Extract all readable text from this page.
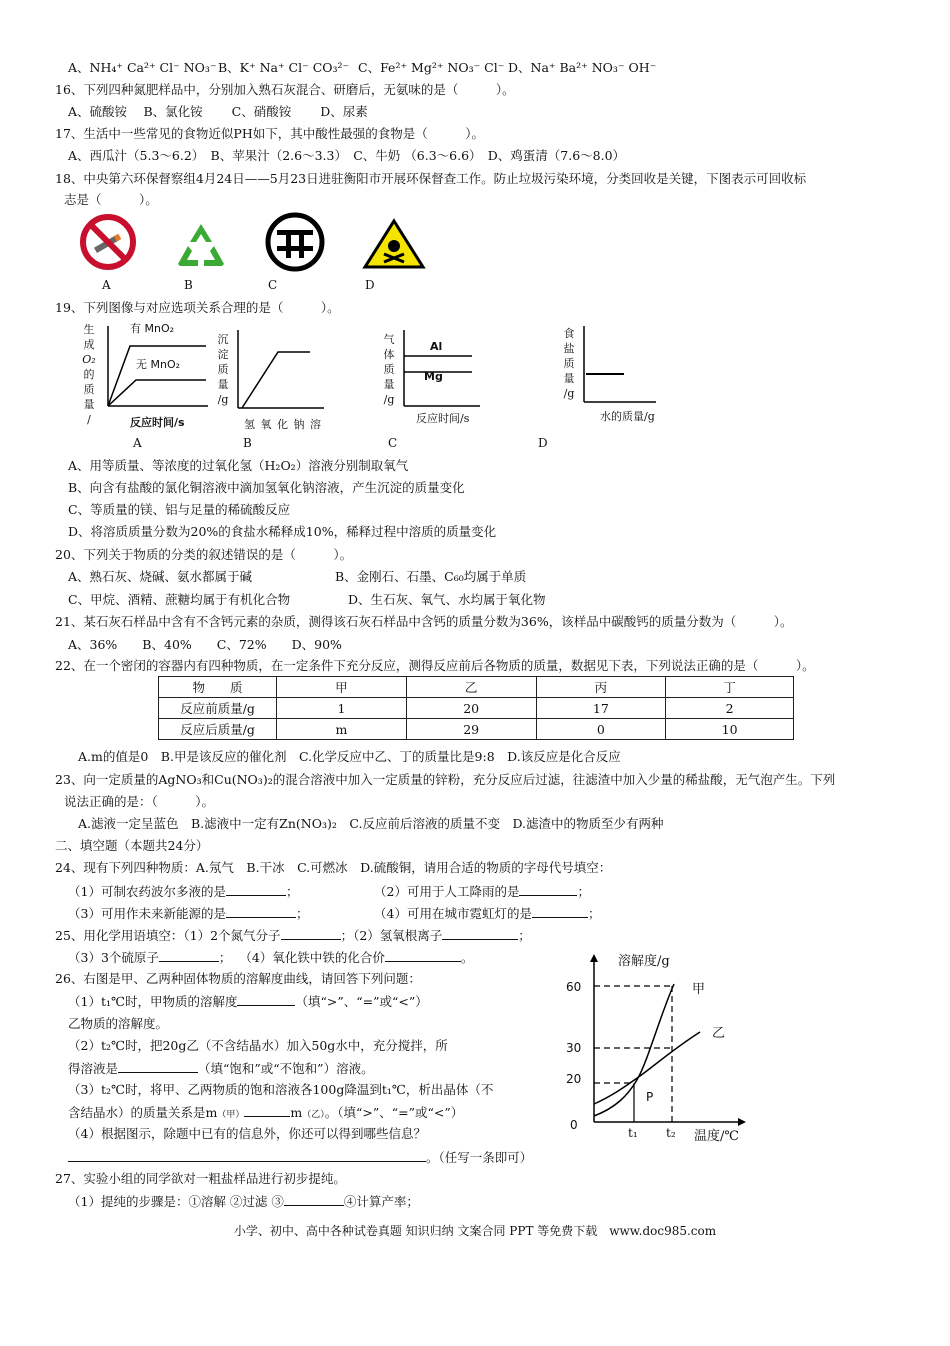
A、NH₄⁺ Ca²⁺ Cl⁻ NO₃⁻ B、K⁺ Na⁺ Cl⁻ CO₃²⁻ C、Fe²⁺ Mg²⁺ NO₃⁻ Cl⁻ D、Na⁺ Ba²⁺ NO₃⁻ OH⁻
16、下列四种氮肥样品中，分别加入熟石灰混合、研磨后，无氨味的是（　　　）。
A、硫酸铵　 B、氯化铵　　 C、硝酸铵　　 D、尿素
17、生活中一些常见的食物近似PH如下，其中酸性最强的食物是（　　　）。
A、西瓜汁（5.3～6.2）　B、苹果汁（2.6～3.3）　C、牛奶 （6.3～6.6）　D、鸡蛋清（7.6～8.0）
18、中央第六环保督察组4月24日——5月23日进驻衡阳市开展环保督查工作。防止垃圾污染环境，分类回收是关键，下图表示可回收标
志是（　　　）。
A	B	C	D
19、下列图像与对应选项关系合理的是（　　　）。
生
成
O₂
的
质
量
/
有 MnO₂
无 MnO₂
反应时间/s
沉
淀
质
量
/g
氢 氧 化 钠 溶
气
体
质
量
/g
Al
Mg
反应时间/s
食
盐
质
量
/g
水的质量/g
A	B	C	D
A、用等质量、等浓度的过氧化氢（H₂O₂）溶液分别制取氧气
B、向含有盐酸的氯化铜溶液中滴加氢氧化钠溶液，产生沉淀的质量变化
C、等质量的镁、铝与足量的稀硫酸反应
D、将溶质质量分数为20%的食盐水稀释成10%，稀释过程中溶质的质量变化
20、下列关于物质的分类的叙述错误的是（　　　）。
A、熟石灰、烧碱、氨水都属于碱	B、金刚石、石墨、C₆₀均属于单质
C、甲烷、酒精、蔗糖均属于有机化合物	D、生石灰、氧气、水均属于氧化物
21、某石灰石样品中含有不含钙元素的杂质，测得该石灰石样品中含钙的质量分数为36%，该样品中碳酸钙的质量分数为（　　　）。
A、36%　　B、40%　　C、72%　　D、90%
22、在一个密闭的容器内有四种物质，在一定条件下充分反应，测得反应前后各物质的质量，数据见下表，下列说法正确的是（　　　）。
物　　质	甲	乙	丙	丁
反应前质量/g	1	20	17	2
反应后质量/g	m	29	0	10
A.m的值是0　B.甲是该反应的催化剂　C.化学反应中乙、丁的质量比是9:8　D.该反应是化合反应
23、向一定质量的AgNO₃和Cu(NO₃)₂的混合溶液中加入一定质量的锌粉，充分反应后过滤，往滤渣中加入少量的稀盐酸，无气泡产生。下列
说法正确的是：（　　　）。
A.滤液一定呈蓝色　B.滤液中一定有Zn(NO₃)₂　C.反应前后溶液的质量不变　D.滤渣中的物质至少有两种
二、填空题（本题共24分）
24、现有下列四种物质：A.氖气　B.干冰　C.可燃冰　D.硫酸铜，请用合适的物质的字母代号填空：
（1）可制农药波尔多液的是	；	（2）可用于人工降雨的是	；
（3）可用作未来新能源的是	；	（4）可用在城市霓虹灯的是	；
25、用化学用语填空：（1）2个氮气分子	；（2）氢氧根离子	；
（3）3个硫原子	； （4）氧化铁中铁的化合价	。
26、右图是甲、乙两种固体物质的溶解度曲线，请回答下列问题：
（1）t₁℃时，甲物质的溶解度	（填“>”、“=”或“<”）
乙物质的溶解度。
（2）t₂℃时，把20g乙（不含结晶水）加入50g水中，充分搅拌，所
得溶液是	（填“饱和”或“不饱和”）溶液。
（3）t₂℃时，将甲、乙两物质的饱和溶液各100g降温到t₁℃，析出晶体（不
含结晶水）的质量关系是m（甲）	m（乙）。（填“>”、“=”或“<”）
（4）根据图示，除题中已有的信息外，你还可以得到哪些信息？
。（任写一条即可）
溶解度/g
甲
乙
60
30
20
0
P
t₁ t₂ 温度/℃
27、实验小组的同学欲对一粗盐样品进行初步提纯。
（1）提纯的步骤是：①溶解 ②过滤 ③	④计算产率；
小学、初中、高中各种试卷真题 知识归纳 文案合同 PPT 等免费下载　www.doc985.com
